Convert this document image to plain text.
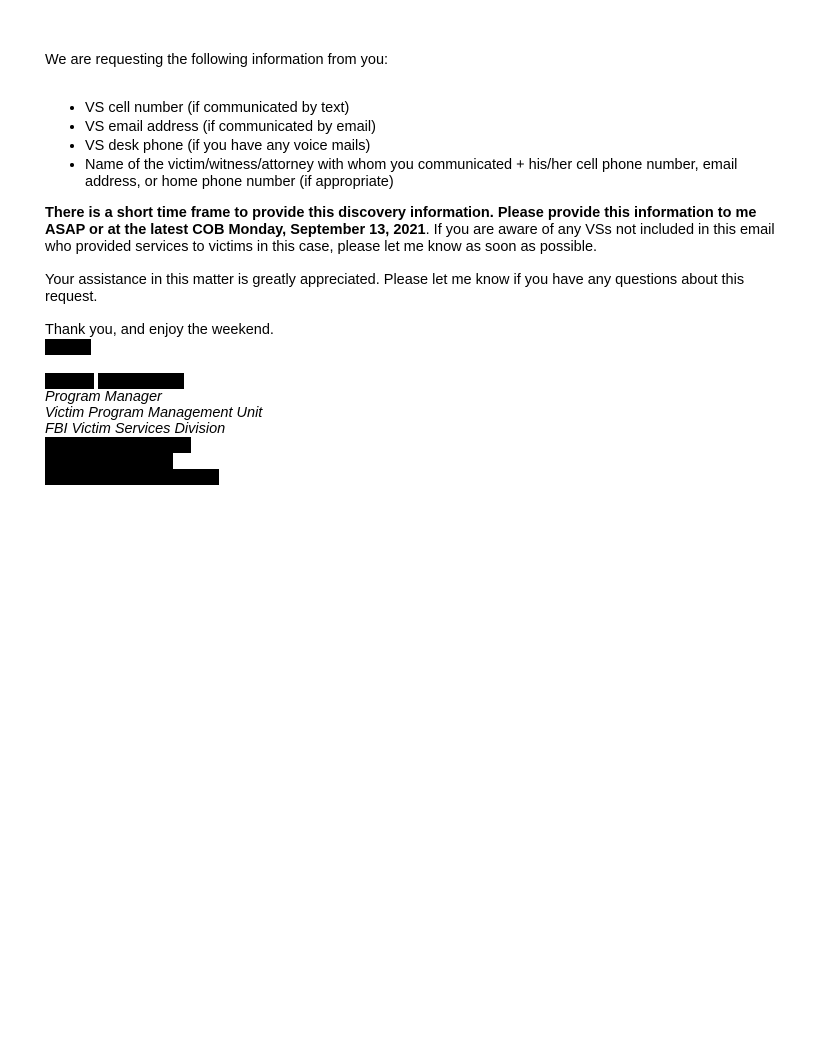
We are requesting the following information from you:

• VS cell number (if communicated by text)
• VS email address (if communicated by email)
• VS desk phone (if you have any voice mails)
• Name of the victim/witness/attorney with whom you communicated + his/her cell phone number, email address, or home phone number (if appropriate)

There is a short time frame to provide this discovery information. Please provide this information to me ASAP or at the latest COB Monday, September 13, 2021. If you are aware of any VSs not included in this email who provided services to victims in this case, please let me know as soon as possible.

Your assistance in this matter is greatly appreciated. Please let me know if you have any questions about this request.

Thank you, and enjoy the weekend.

Program Manager
Victim Program Management Unit
FBI Victim Services Division
